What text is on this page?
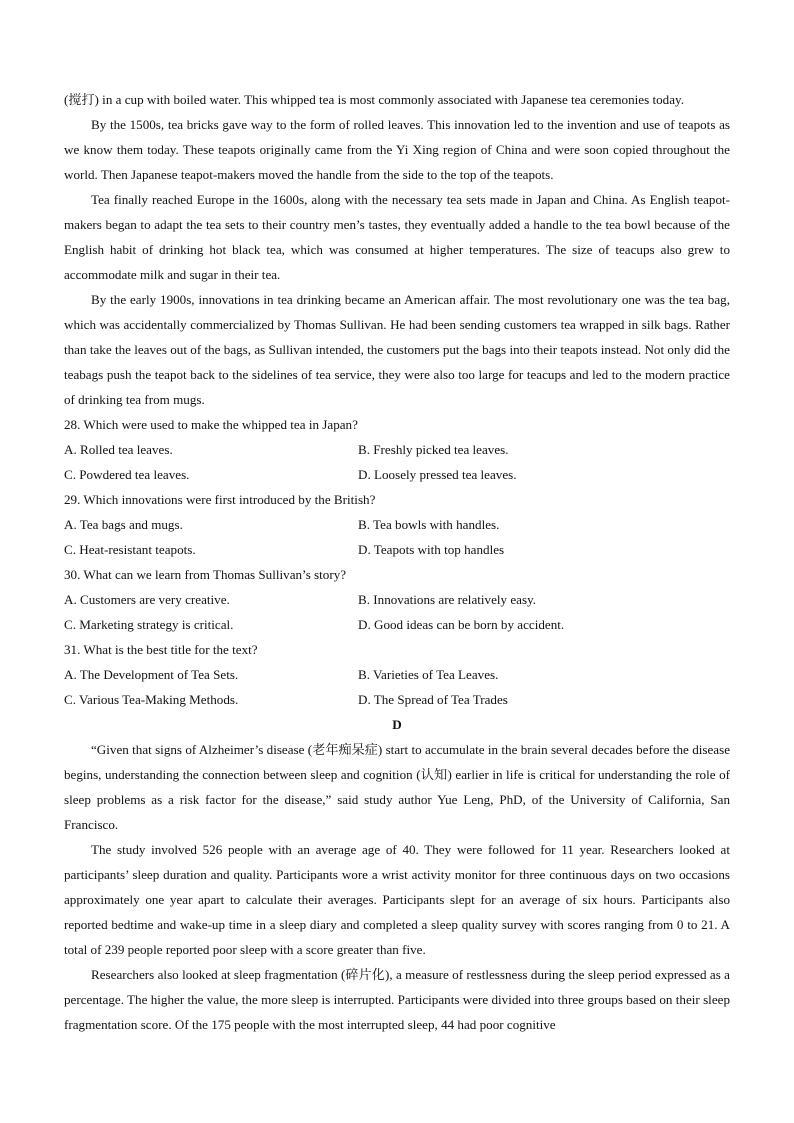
(搅打) in a cup with boiled water. This whipped tea is most commonly associated with Japanese tea ceremonies today.

By the 1500s, tea bricks gave way to the form of rolled leaves. This innovation led to the invention and use of teapots as we know them today. These teapots originally came from the Yi Xing region of China and were soon copied throughout the world. Then Japanese teapot-makers moved the handle from the side to the top of the teapots.

Tea finally reached Europe in the 1600s, along with the necessary tea sets made in Japan and China. As English teapot-makers began to adapt the tea sets to their country men’s tastes, they eventually added a handle to the tea bowl because of the English habit of drinking hot black tea, which was consumed at higher temperatures. The size of teacups also grew to accommodate milk and sugar in their tea.

By the early 1900s, innovations in tea drinking became an American affair. The most revolutionary one was the tea bag, which was accidentally commercialized by Thomas Sullivan. He had been sending customers tea wrapped in silk bags. Rather than take the leaves out of the bags, as Sullivan intended, the customers put the bags into their teapots instead. Not only did the teabags push the teapot back to the sidelines of tea service, they were also too large for teacups and led to the modern practice of drinking tea from mugs.

28. Which were used to make the whipped tea in Japan?

A. Rolled tea leaves.	B. Freshly picked tea leaves.

C. Powdered tea leaves.	D. Loosely pressed tea leaves.

29. Which innovations were first introduced by the British?

A. Tea bags and mugs.	B. Tea bowls with handles.

C. Heat-resistant teapots.	D. Teapots with top handles

30. What can we learn from Thomas Sullivan’s story?

A. Customers are very creative.	B. Innovations are relatively easy.

C. Marketing strategy is critical.	D. Good ideas can be born by accident.

31. What is the best title for the text?

A. The Development of Tea Sets.	B. Varieties of Tea Leaves.

C. Various Tea-Making Methods.	D. The Spread of Tea Trades

D

“Given that signs of Alzheimer’s disease (老年痴呆症) start to accumulate in the brain several decades before the disease begins, understanding the connection between sleep and cognition (认知) earlier in life is critical for understanding the role of sleep problems as a risk factor for the disease,” said study author Yue Leng, PhD, of the University of California, San Francisco.

The study involved 526 people with an average age of 40. They were followed for 11 year. Researchers looked at participants’ sleep duration and quality. Participants wore a wrist activity monitor for three continuous days on two occasions approximately one year apart to calculate their averages. Participants slept for an average of six hours. Participants also reported bedtime and wake-up time in a sleep diary and completed a sleep quality survey with scores ranging from 0 to 21. A total of 239 people reported poor sleep with a score greater than five.

Researchers also looked at sleep fragmentation (碎片化), a measure of restlessness during the sleep period expressed as a percentage. The higher the value, the more sleep is interrupted. Participants were divided into three groups based on their sleep fragmentation score. Of the 175 people with the most interrupted sleep, 44 had poor cognitive
